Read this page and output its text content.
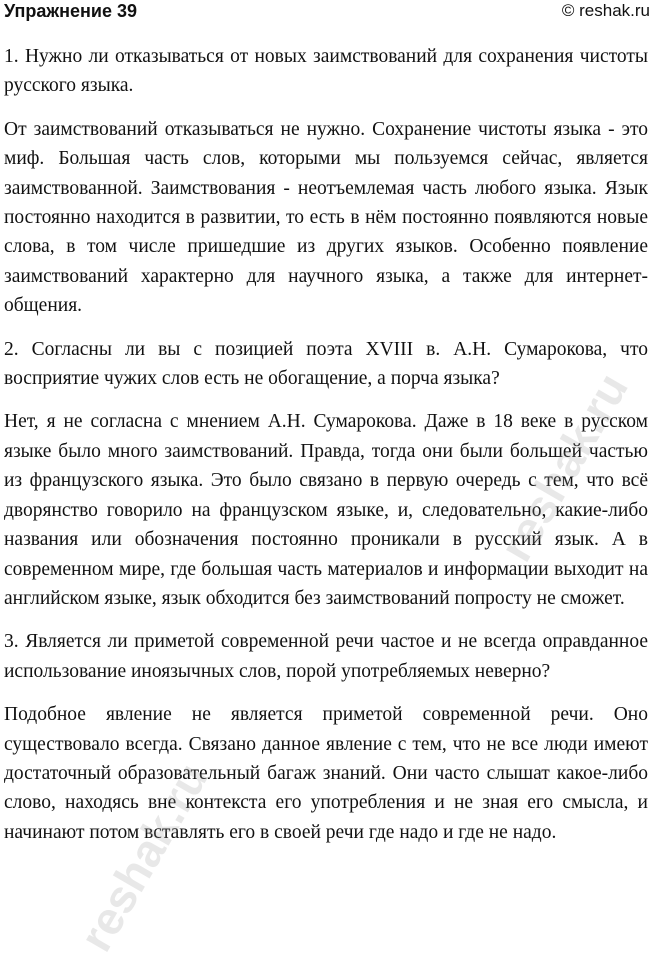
Упражнение 39	© reshak.ru

1. Нужно ли отказываться от новых заимствований для сохранения чистоты русского языка.

От заимствований отказываться не нужно. Сохранение чистоты языка - это миф. Большая часть слов, которыми мы пользуемся сейчас, является заимствованной. Заимствования - неотъемлемая часть любого языка. Язык постоянно находится в развитии, то есть в нём постоянно появляются новые слова, в том числе пришедшие из других языков. Особенно появление заимствований характерно для научного языка, а также для интернет-общения.

2. Согласны ли вы с позицией поэта XVIII в. А.Н. Сумарокова, что восприятие чужих слов есть не обогащение, а порча языка?

Нет, я не согласна с мнением А.Н. Сумарокова. Даже в 18 веке в русском языке было много заимствований. Правда, тогда они были большей частью из французского языка. Это было связано в первую очередь с тем, что всё дворянство говорило на французском языке, и, следовательно, какие-либо названия или обозначения постоянно проникали в русский язык. А в современном мире, где большая часть материалов и информации выходит на английском языке, язык обходится без заимствований попросту не сможет.

3. Является ли приметой современной речи частое и не всегда оправданное использование иноязычных слов, порой употребляемых неверно?

Подобное явление не является приметой современной речи. Оно существовало всегда. Связано данное явление с тем, что не все люди имеют достаточный образовательный багаж знаний. Они часто слышат какое-либо слово, находясь вне контекста его употребления и не зная его смысла, и начинают потом вставлять его в своей речи где надо и где не надо.

reshak.ru
reshak.ru
